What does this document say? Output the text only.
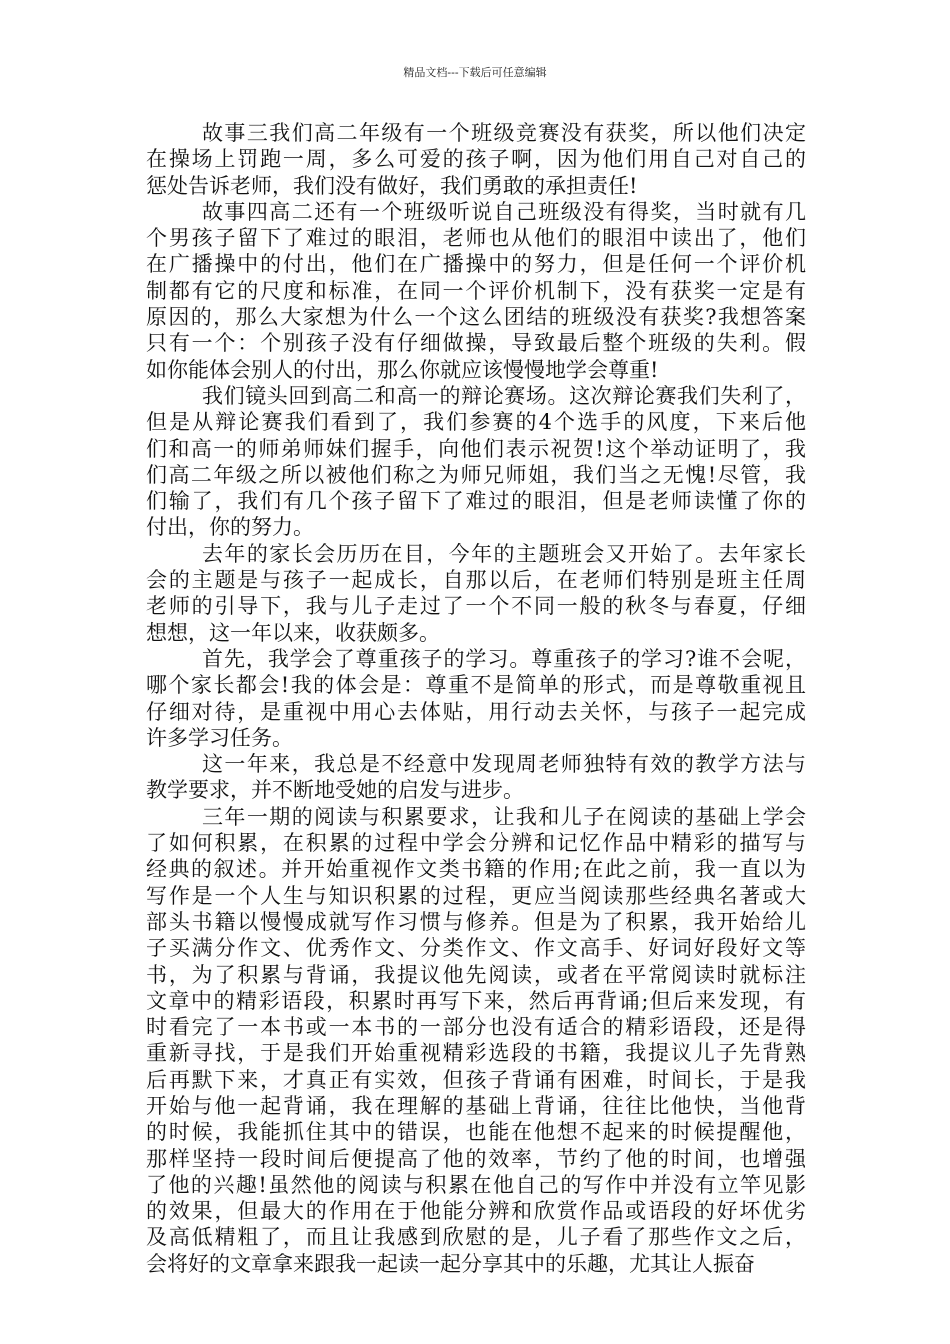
精品文档---下载后可任意编辑
故事三我们高二年级有一个班级竞赛没有获奖，所以他们决定
在操场上罚跑一周，多么可爱的孩子啊，因为他们用自己对自己的
惩处告诉老师，我们没有做好，我们勇敢的承担责任!
故事四高二还有一个班级听说自己班级没有得奖，当时就有几
个男孩子留下了难过的眼泪，老师也从他们的眼泪中读出了，他们
在广播操中的付出，他们在广播操中的努力，但是任何一个评价机
制都有它的尺度和标准，在同一个评价机制下，没有获奖一定是有
原因的，那么大家想为什么一个这么团结的班级没有获奖?我想答案
只有一个：个别孩子没有仔细做操，导致最后整个班级的失利。假
如你能体会别人的付出，那么你就应该慢慢地学会尊重!
我们镜头回到高二和高一的辩论赛场。这次辩论赛我们失利了，
但是从辩论赛我们看到了，我们参赛的4个选手的风度，下来后他
们和高一的师弟师妹们握手，向他们表示祝贺!这个举动证明了，我
们高二年级之所以被他们称之为师兄师姐，我们当之无愧!尽管，我
们输了，我们有几个孩子留下了难过的眼泪，但是老师读懂了你的
付出，你的努力。
去年的家长会历历在目，今年的主题班会又开始了。去年家长
会的主题是与孩子一起成长，自那以后，在老师们特别是班主任周
老师的引导下，我与儿子走过了一个不同一般的秋冬与春夏，仔细
想想，这一年以来，收获颇多。
首先，我学会了尊重孩子的学习。尊重孩子的学习?谁不会呢，
哪个家长都会!我的体会是：尊重不是简单的形式，而是尊敬重视且
仔细对待，是重视中用心去体贴，用行动去关怀，与孩子一起完成
许多学习任务。
这一年来，我总是不经意中发现周老师独特有效的教学方法与
教学要求，并不断地受她的启发与进步。
三年一期的阅读与积累要求，让我和儿子在阅读的基础上学会
了如何积累，在积累的过程中学会分辨和记忆作品中精彩的描写与
经典的叙述。并开始重视作文类书籍的作用;在此之前，我一直以为
写作是一个人生与知识积累的过程，更应当阅读那些经典名著或大
部头书籍以慢慢成就写作习惯与修养。但是为了积累，我开始给儿
子买满分作文、优秀作文、分类作文、作文高手、好词好段好文等
书，为了积累与背诵，我提议他先阅读，或者在平常阅读时就标注
文章中的精彩语段，积累时再写下来，然后再背诵;但后来发现，有
时看完了一本书或一本书的一部分也没有适合的精彩语段，还是得
重新寻找，于是我们开始重视精彩选段的书籍，我提议儿子先背熟
后再默下来，才真正有实效，但孩子背诵有困难，时间长，于是我
开始与他一起背诵，我在理解的基础上背诵，往往比他快，当他背
的时候，我能抓住其中的错误，也能在他想不起来的时候提醒他，
那样坚持一段时间后便提高了他的效率，节约了他的时间，也增强
了他的兴趣!虽然他的阅读与积累在他自己的写作中并没有立竿见影
的效果，但最大的作用在于他能分辨和欣赏作品或语段的好坏优劣
及高低精粗了，而且让我感到欣慰的是，儿子看了那些作文之后，
会将好的文章拿来跟我一起读一起分享其中的乐趣，尤其让人振奋
